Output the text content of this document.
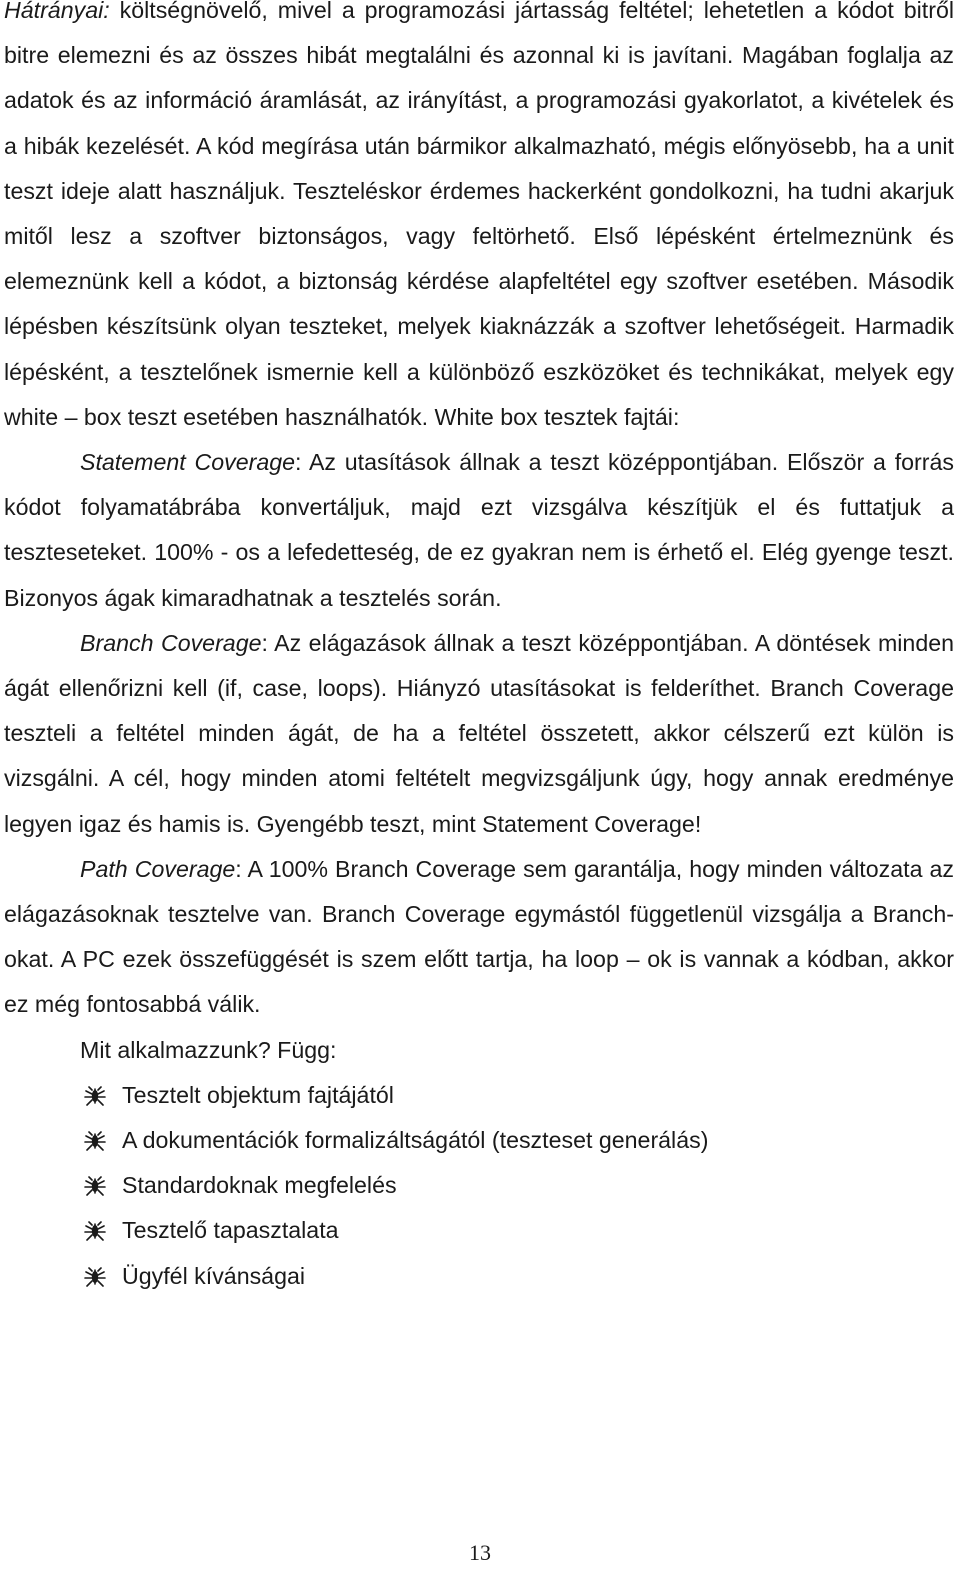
Hátrányai: költségnövelő, mivel a programozási jártasság feltétel; lehetetlen a kódot bitről bitre elemezni és az összes hibát megtalálni és azonnal ki is javítani. Magában foglalja az adatok és az információ áramlását, az irányítást, a programozási gyakorlatot, a kivételek és a hibák kezelését. A kód megírása után bármikor alkalmazható, mégis előnyösebb, ha a unit teszt ideje alatt használjuk. Teszteléskor érdemes hackerként gondolkozni, ha tudni akarjuk mitől lesz a szoftver biztonságos, vagy feltörhető. Első lépésként értelmeznünk és elemeznünk kell a kódot, a biztonság kérdése alapfeltétel egy szoftver esetében. Második lépésben készítsünk olyan teszteket, melyek kiaknázzák a szoftver lehetőségeit. Harmadik lépésként, a tesztelőnek ismernie kell a különböző eszközöket és technikákat, melyek egy white – box teszt esetében használhatók. White box tesztek fajtái:

Statement Coverage: Az utasítások állnak a teszt középpontjában. Először a forrás kódot folyamatábrába konvertáljuk, majd ezt vizsgálva készítjük el és futtatjuk a teszteseteket. 100% - os a lefedetteség, de ez gyakran nem is érhető el. Elég gyenge teszt. Bizonyos ágak kimaradhatnak a tesztelés során.

Branch Coverage: Az elágazások állnak a teszt középpontjában. A döntések minden ágát ellenőrizni kell (if, case, loops). Hiányzó utasításokat is felderíthet. Branch Coverage teszteli a feltétel minden ágát, de ha a feltétel összetett, akkor célszerű ezt külön is vizsgálni. A cél, hogy minden atomi feltételt megvizsgáljunk úgy, hogy annak eredménye legyen igaz és hamis is. Gyengébb teszt, mint Statement Coverage!

Path Coverage: A 100% Branch Coverage sem garantálja, hogy minden változata az elágazásoknak tesztelve van. Branch Coverage egymástól függetlenül vizsgálja a Branch-okat. A PC ezek összefüggését is szem előtt tartja, ha loop – ok is vannak a kódban, akkor ez még fontosabbá válik.

Mit alkalmazzunk? Függ:

Tesztelt objektum fajtájától
A dokumentációk formalizáltságától (teszteset generálás)
Standardoknak megfelelés
Tesztelő tapasztalata
Ügyfél kívánságai
13
